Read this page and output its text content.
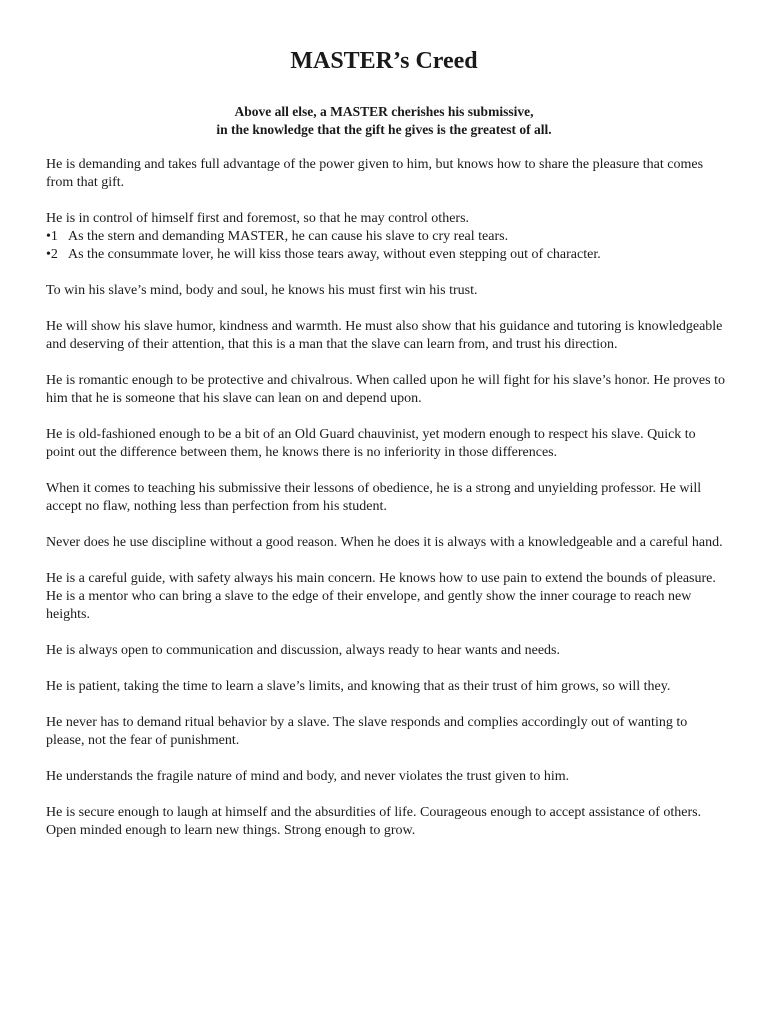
MASTER’s Creed
Above all else, a MASTER cherishes his submissive,
in the knowledge that the gift he gives is the greatest of all.

He is demanding and takes full advantage of the power given to him, but knows how to share the pleasure that comes from that gift.

He is in control of himself first and foremost, so that he may control others.
•1 As the stern and demanding MASTER, he can cause his slave to cry real tears.
•2 As the consummate lover, he will kiss those tears away, without even stepping out of character.

To win his slave’s mind, body and soul, he knows his must first win his trust.

He will show his slave humor, kindness and warmth. He must also show that his guidance and tutoring is knowledgeable and deserving of their attention, that this is a man that the slave can learn from, and trust his direction.

He is romantic enough to be protective and chivalrous. When called upon he will fight for his slave’s honor. He proves to him that he is someone that his slave can lean on and depend upon.

He is old-fashioned enough to be a bit of an Old Guard chauvinist, yet modern enough to respect his slave. Quick to point out the difference between them, he knows there is no inferiority in those differences.

When it comes to teaching his submissive their lessons of obedience, he is a strong and unyielding professor. He will accept no flaw, nothing less than perfection from his student.

Never does he use discipline without a good reason. When he does it is always with a knowledgeable and a careful hand.

He is a careful guide, with safety always his main concern. He knows how to use pain to extend the bounds of pleasure. He is a mentor who can bring a slave to the edge of their envelope, and gently show the inner courage to reach new heights.

He is always open to communication and discussion, always ready to hear wants and needs.

He is patient, taking the time to learn a slave’s limits, and knowing that as their trust of him grows, so will they.

He never has to demand ritual behavior by a slave. The slave responds and complies accordingly out of wanting to please, not the fear of punishment.

He understands the fragile nature of mind and body, and never violates the trust given to him.

He is secure enough to laugh at himself and the absurdities of life. Courageous enough to accept assistance of others. Open minded enough to learn new things. Strong enough to grow.
